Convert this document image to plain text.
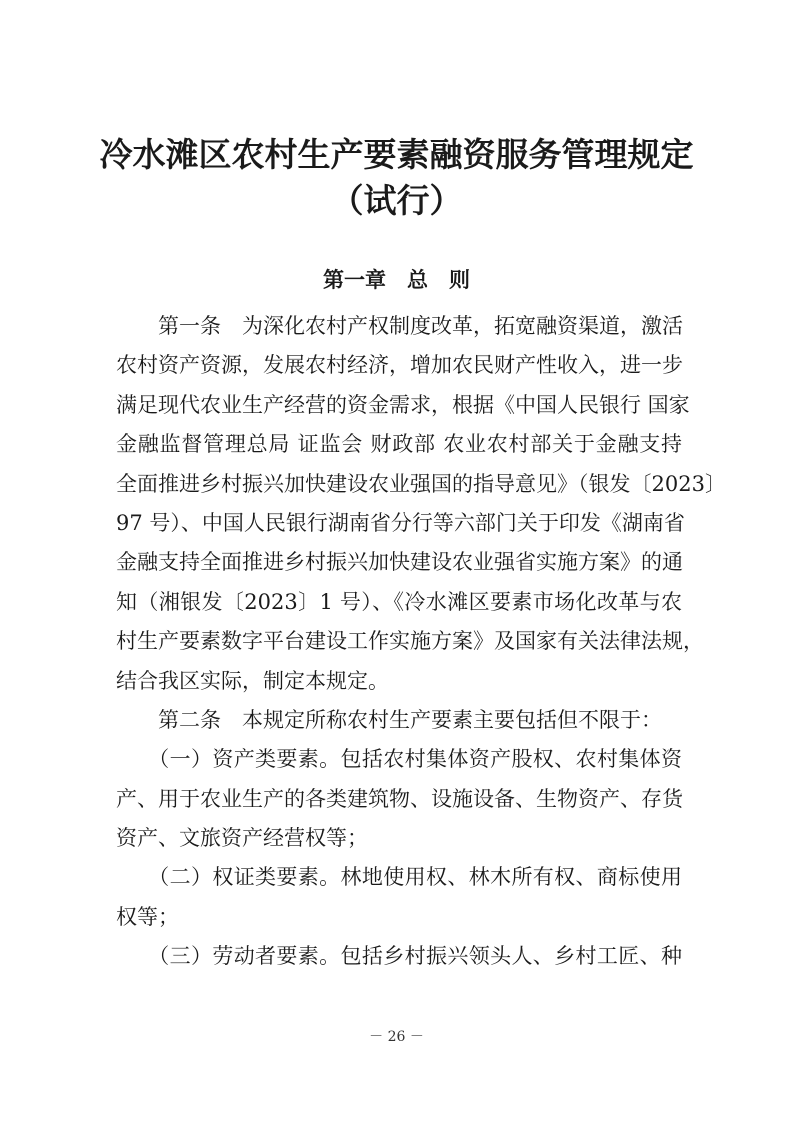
冷水滩区农村生产要素融资服务管理规定
（试行）
第一章　总　则
　　第一条　为深化农村产权制度改革，拓宽融资渠道，激活
农村资产资源，发展农村经济，增加农民财产性收入，进一步
满足现代农业生产经营的资金需求，根据《中国人民银行 国家
金融监督管理总局 证监会 财政部 农业农村部关于金融支持
全面推进乡村振兴加快建设农业强国的指导意见》（银发〔2023〕
97 号）、中国人民银行湖南省分行等六部门关于印发《湖南省
金融支持全面推进乡村振兴加快建设农业强省实施方案》的通
知（湘银发〔2023〕1 号）、《冷水滩区要素市场化改革与农
村生产要素数字平台建设工作实施方案》及国家有关法律法规，
结合我区实际，制定本规定。
　　第二条　本规定所称农村生产要素主要包括但不限于：
　　（一）资产类要素。包括农村集体资产股权、农村集体资
产、用于农业生产的各类建筑物、设施设备、生物资产、存货
资产、文旅资产经营权等；
　　（二）权证类要素。林地使用权、林木所有权、商标使用
权等；
　　（三）劳动者要素。包括乡村振兴领头人、乡村工匠、种
－ 26 －
